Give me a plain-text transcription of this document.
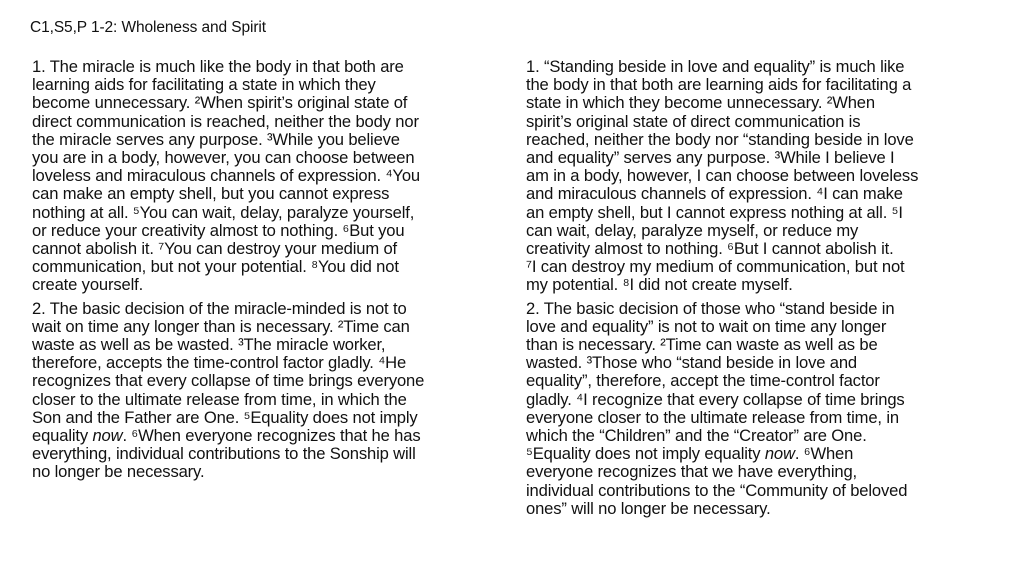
C1,S5,P 1-2: Wholeness and Spirit

1. The miracle is much like the body in that both are
learning aids for facilitating a state in which they
become unnecessary. ²When spirit’s original state of
direct communication is reached, neither the body nor
the miracle serves any purpose. ³While you believe
you are in a body, however, you can choose between
loveless and miraculous channels of expression. ⁴You
can make an empty shell, but you cannot express
nothing at all. ⁵You can wait, delay, paralyze yourself,
or reduce your creativity almost to nothing. ⁶But you
cannot abolish it. ⁷You can destroy your medium of
communication, but not your potential. ⁸You did not
create yourself.

2. The basic decision of the miracle-minded is not to
wait on time any longer than is necessary. ²Time can
waste as well as be wasted. ³The miracle worker,
therefore, accepts the time-control factor gladly. ⁴He
recognizes that every collapse of time brings everyone
closer to the ultimate release from time, in which the
Son and the Father are One. ⁵Equality does not imply
equality now. ⁶When everyone recognizes that he has
everything, individual contributions to the Sonship will
no longer be necessary.

1. “Standing beside in love and equality” is much like
the body in that both are learning aids for facilitating a
state in which they become unnecessary. ²When
spirit’s original state of direct communication is
reached, neither the body nor “standing beside in love
and equality” serves any purpose. ³While I believe I
am in a body, however, I can choose between loveless
and miraculous channels of expression. ⁴I can make
an empty shell, but I cannot express nothing at all. ⁵I
can wait, delay, paralyze myself, or reduce my
creativity almost to nothing. ⁶But I cannot abolish it.
⁷I can destroy my medium of communication, but not
my potential. ⁸I did not create myself.

2. The basic decision of those who “stand beside in
love and equality” is not to wait on time any longer
than is necessary. ²Time can waste as well as be
wasted. ³Those who “stand beside in love and
equality”, therefore, accept the time-control factor
gladly. ⁴I recognize that every collapse of time brings
everyone closer to the ultimate release from time, in
which the “Children” and the “Creator” are One.
⁵Equality does not imply equality now. ⁶When
everyone recognizes that we have everything,
individual contributions to the “Community of beloved
ones” will no longer be necessary.
